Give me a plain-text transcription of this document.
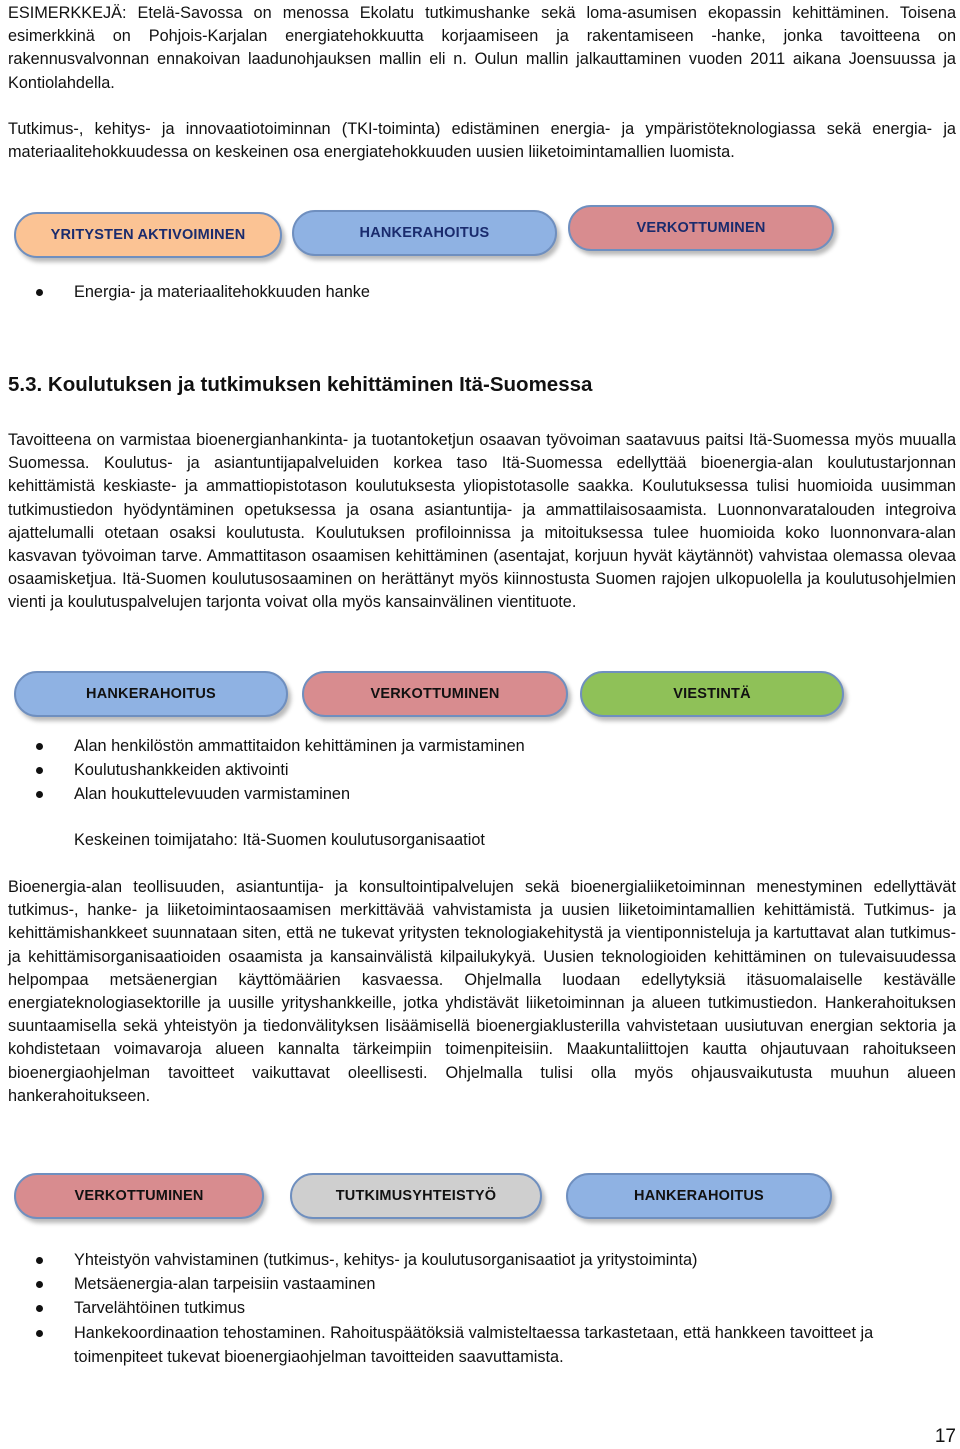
ESIMERKKEJÄ: Etelä-Savossa on menossa Ekolatu tutkimushanke sekä loma-asumisen ekopassin kehittäminen. Toisena esimerkkinä on Pohjois-Karjalan energiatehokkuutta korjaamiseen ja rakentamiseen -hanke, jonka tavoitteena on rakennusvalvonnan ennakoivan laadunohjauksen mallin eli n. Oulun mallin jalkauttaminen vuoden 2011 aikana Joensuussa ja Kontiolahdella.

Tutkimus-, kehitys- ja innovaatiotoiminnan (TKI-toiminta) edistäminen energia- ja ympäristöteknologiassa sekä energia- ja materiaalitehokkuudessa on keskeinen osa energiatehokkuuden uusien liiketoimintamallien luomista.

YRITYSTEN AKTIVOIMINEN	HANKERAHOITUS	VERKOTTUMINEN
Energia- ja materiaalitehokkuuden hanke
5.3. Koulutuksen ja tutkimuksen kehittäminen Itä-Suomessa

Tavoitteena on varmistaa bioenergianhankinta- ja tuotantoketjun osaavan työvoiman saatavuus paitsi Itä-Suomessa myös muualla Suomessa. Koulutus- ja asiantuntijapalveluiden korkea taso Itä-Suomessa edellyttää bioenergia-alan koulutustarjonnan kehittämistä keskiaste- ja ammattiopistotason koulutuksesta yliopistotasolle saakka. Koulutuksessa tulisi huomioida uusimman tutkimustiedon hyödyntäminen opetuksessa ja osana asiantuntija- ja ammattilaisosaamista. Luonnonvaratalouden integroiva ajattelumalli otetaan osaksi koulutusta. Koulutuksen profiloinnissa ja mitoituksessa tulee huomioida koko luonnonvara-alan kasvavan työvoiman tarve. Ammattitason osaamisen kehittäminen (asentajat, korjuun hyvät käytännöt) vahvistaa olemassa olevaa osaamisketjua. Itä-Suomen koulutusosaaminen on herättänyt myös kiinnostusta Suomen rajojen ulkopuolella ja koulutusohjelmien vienti ja koulutuspalvelujen tarjonta voivat olla myös kansainvälinen vientituote.

HANKERAHOITUS	VERKOTTUMINEN	VIESTINTÄ
Alan henkilöstön ammattitaidon kehittäminen ja varmistaminen
Koulutushankkeiden aktivointi
Alan houkuttelevuuden varmistaminen
Keskeinen toimijataho: Itä-Suomen koulutusorganisaatiot

Bioenergia-alan teollisuuden, asiantuntija- ja konsultointipalvelujen sekä bioenergialiiketoiminnan menestyminen edellyttävät tutkimus-, hanke- ja liiketoimintaosaamisen merkittävää vahvistamista ja uusien liiketoimintamallien kehittämistä. Tutkimus- ja kehittämishankkeet suunnataan siten, että ne tukevat yritysten teknologiakehitystä ja vientiponnisteluja ja kartuttavat alan tutkimus- ja kehittämisorganisaatioiden osaamista ja kansainvälistä kilpailukykyä. Uusien teknologioiden kehittäminen on tulevaisuudessa helpompaa metsäenergian käyttömäärien kasvaessa. Ohjelmalla luodaan edellytyksiä itäsuomalaiselle kestävälle energiateknologiasektorille ja uusille yrityshankkeille, jotka yhdistävät liiketoiminnan ja alueen tutkimustiedon. Hankerahoituksen suuntaamisella sekä yhteistyön ja tiedonvälityksen lisäämisellä bioenergiaklusterilla vahvistetaan uusiutuvan energian sektoria ja kohdistetaan voimavaroja alueen kannalta tärkeimpiin toimenpiteisiin. Maakuntaliittojen kautta ohjautuvaan rahoitukseen bioenergiaohjelman tavoitteet vaikuttavat oleellisesti. Ohjelmalla tulisi olla myös ohjausvaikutusta muuhun alueen hankerahoitukseen.

VERKOTTUMINEN	TUTKIMUSYHTEISTYÖ	HANKERAHOITUS
Yhteistyön vahvistaminen (tutkimus-, kehitys- ja koulutusorganisaatiot ja yritystoiminta)
Metsäenergia-alan tarpeisiin vastaaminen
Tarvelähtöinen tutkimus
Hankekoordinaation tehostaminen. Rahoituspäätöksiä valmisteltaessa tarkastetaan, että hankkeen tavoitteet ja toimenpiteet tukevat bioenergiaohjelman tavoitteiden saavuttamista.
17
